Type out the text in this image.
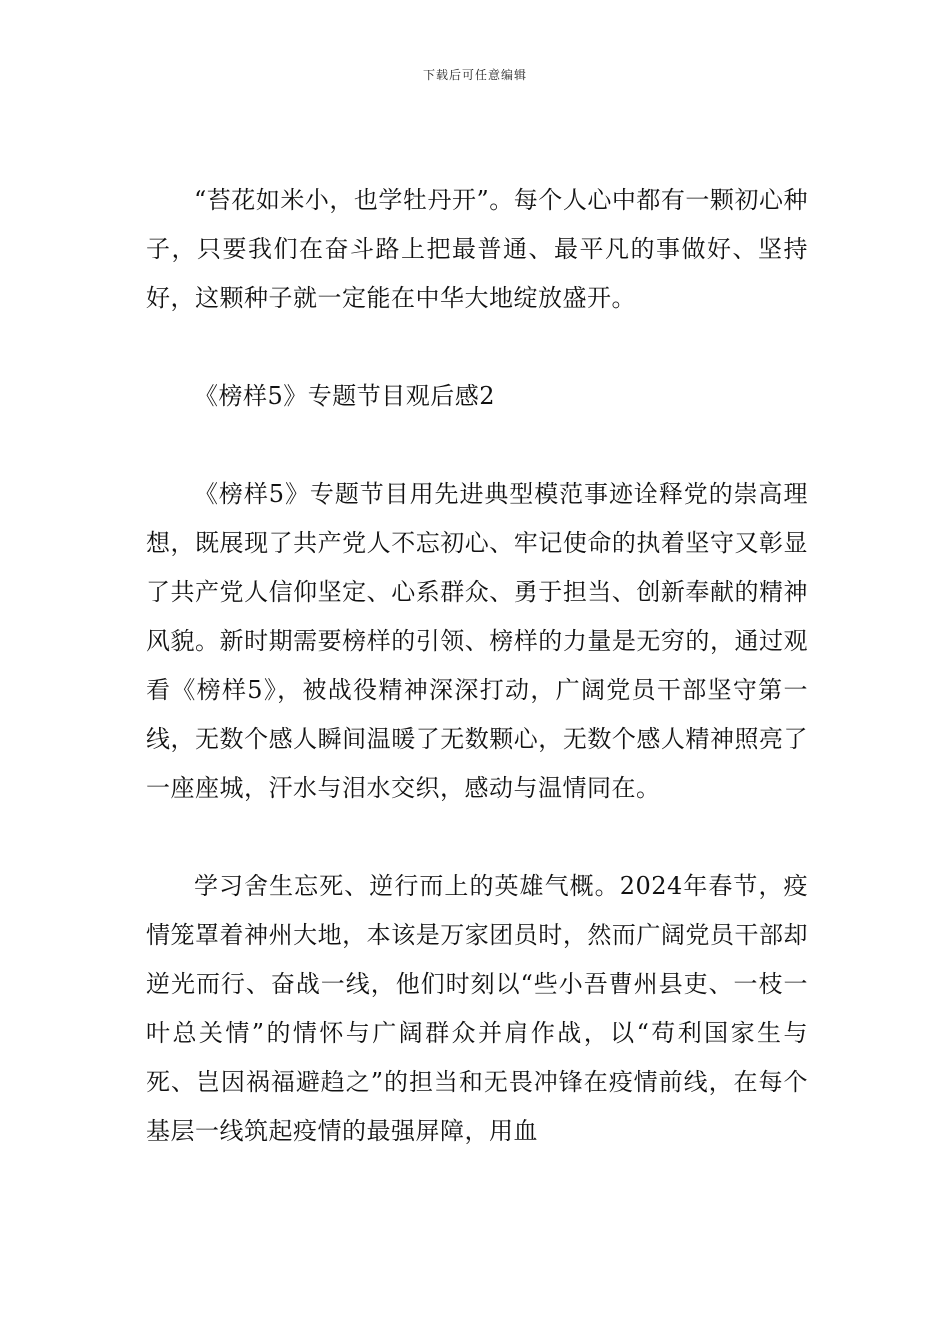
下载后可任意编辑

“苔花如米小，也学牡丹开”。每个人心中都有一颗初心种子，只要我们在奋斗路上把最普通、最平凡的事做好、坚持好，这颗种子就一定能在中华大地绽放盛开。

《榜样5》专题节目观后感2

《榜样5》专题节目用先进典型模范事迹诠释党的崇高理想，既展现了共产党人不忘初心、牢记使命的执着坚守又彰显了共产党人信仰坚定、心系群众、勇于担当、创新奉献的精神风貌。新时期需要榜样的引领、榜样的力量是无穷的，通过观看《榜样5》，被战役精神深深打动，广阔党员干部坚守第一线，无数个感人瞬间温暖了无数颗心，无数个感人精神照亮了一座座城，汗水与泪水交织，感动与温情同在。

学习舍生忘死、逆行而上的英雄气概。2024年春节，疫情笼罩着神州大地，本该是万家团员时，然而广阔党员干部却逆光而行、奋战一线，他们时刻以“些小吾曹州县吏、一枝一叶总关情”的情怀与广阔群众并肩作战，以“苟利国家生与死、岂因祸福避趋之”的担当和无畏冲锋在疫情前线，在每个基层一线筑起疫情的最强屏障，用血
